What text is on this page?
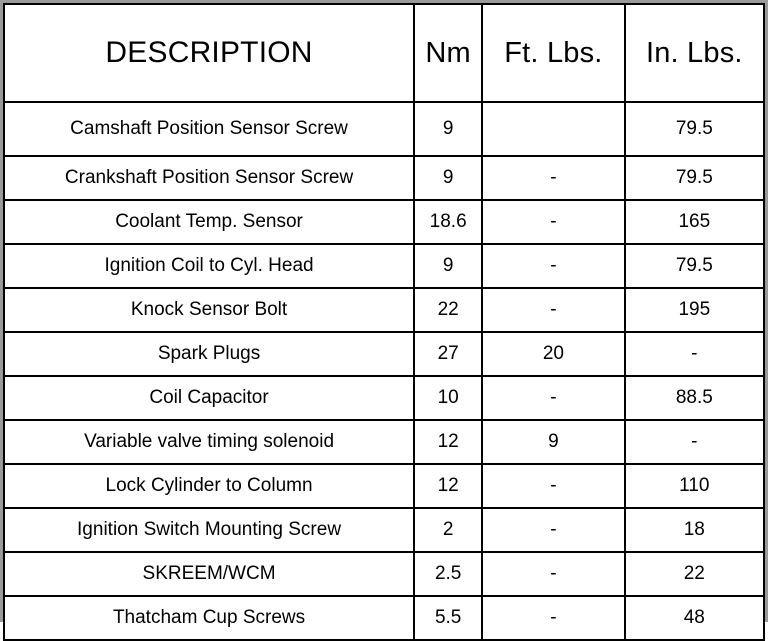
DESCRIPTION	Nm	Ft. Lbs.	In. Lbs.
Camshaft Position Sensor Screw	9		79.5
Crankshaft Position Sensor Screw	9	-	79.5
Coolant Temp. Sensor	18.6	-	165
Ignition Coil to Cyl. Head	9	-	79.5
Knock Sensor Bolt	22	-	195
Spark Plugs	27	20	-
Coil Capacitor	10	-	88.5
Variable valve timing solenoid	12	9	-
Lock Cylinder to Column	12	-	110
Ignition Switch Mounting Screw	2	-	18
SKREEM/WCM	2.5	-	22
Thatcham Cup Screws	5.5	-	48
